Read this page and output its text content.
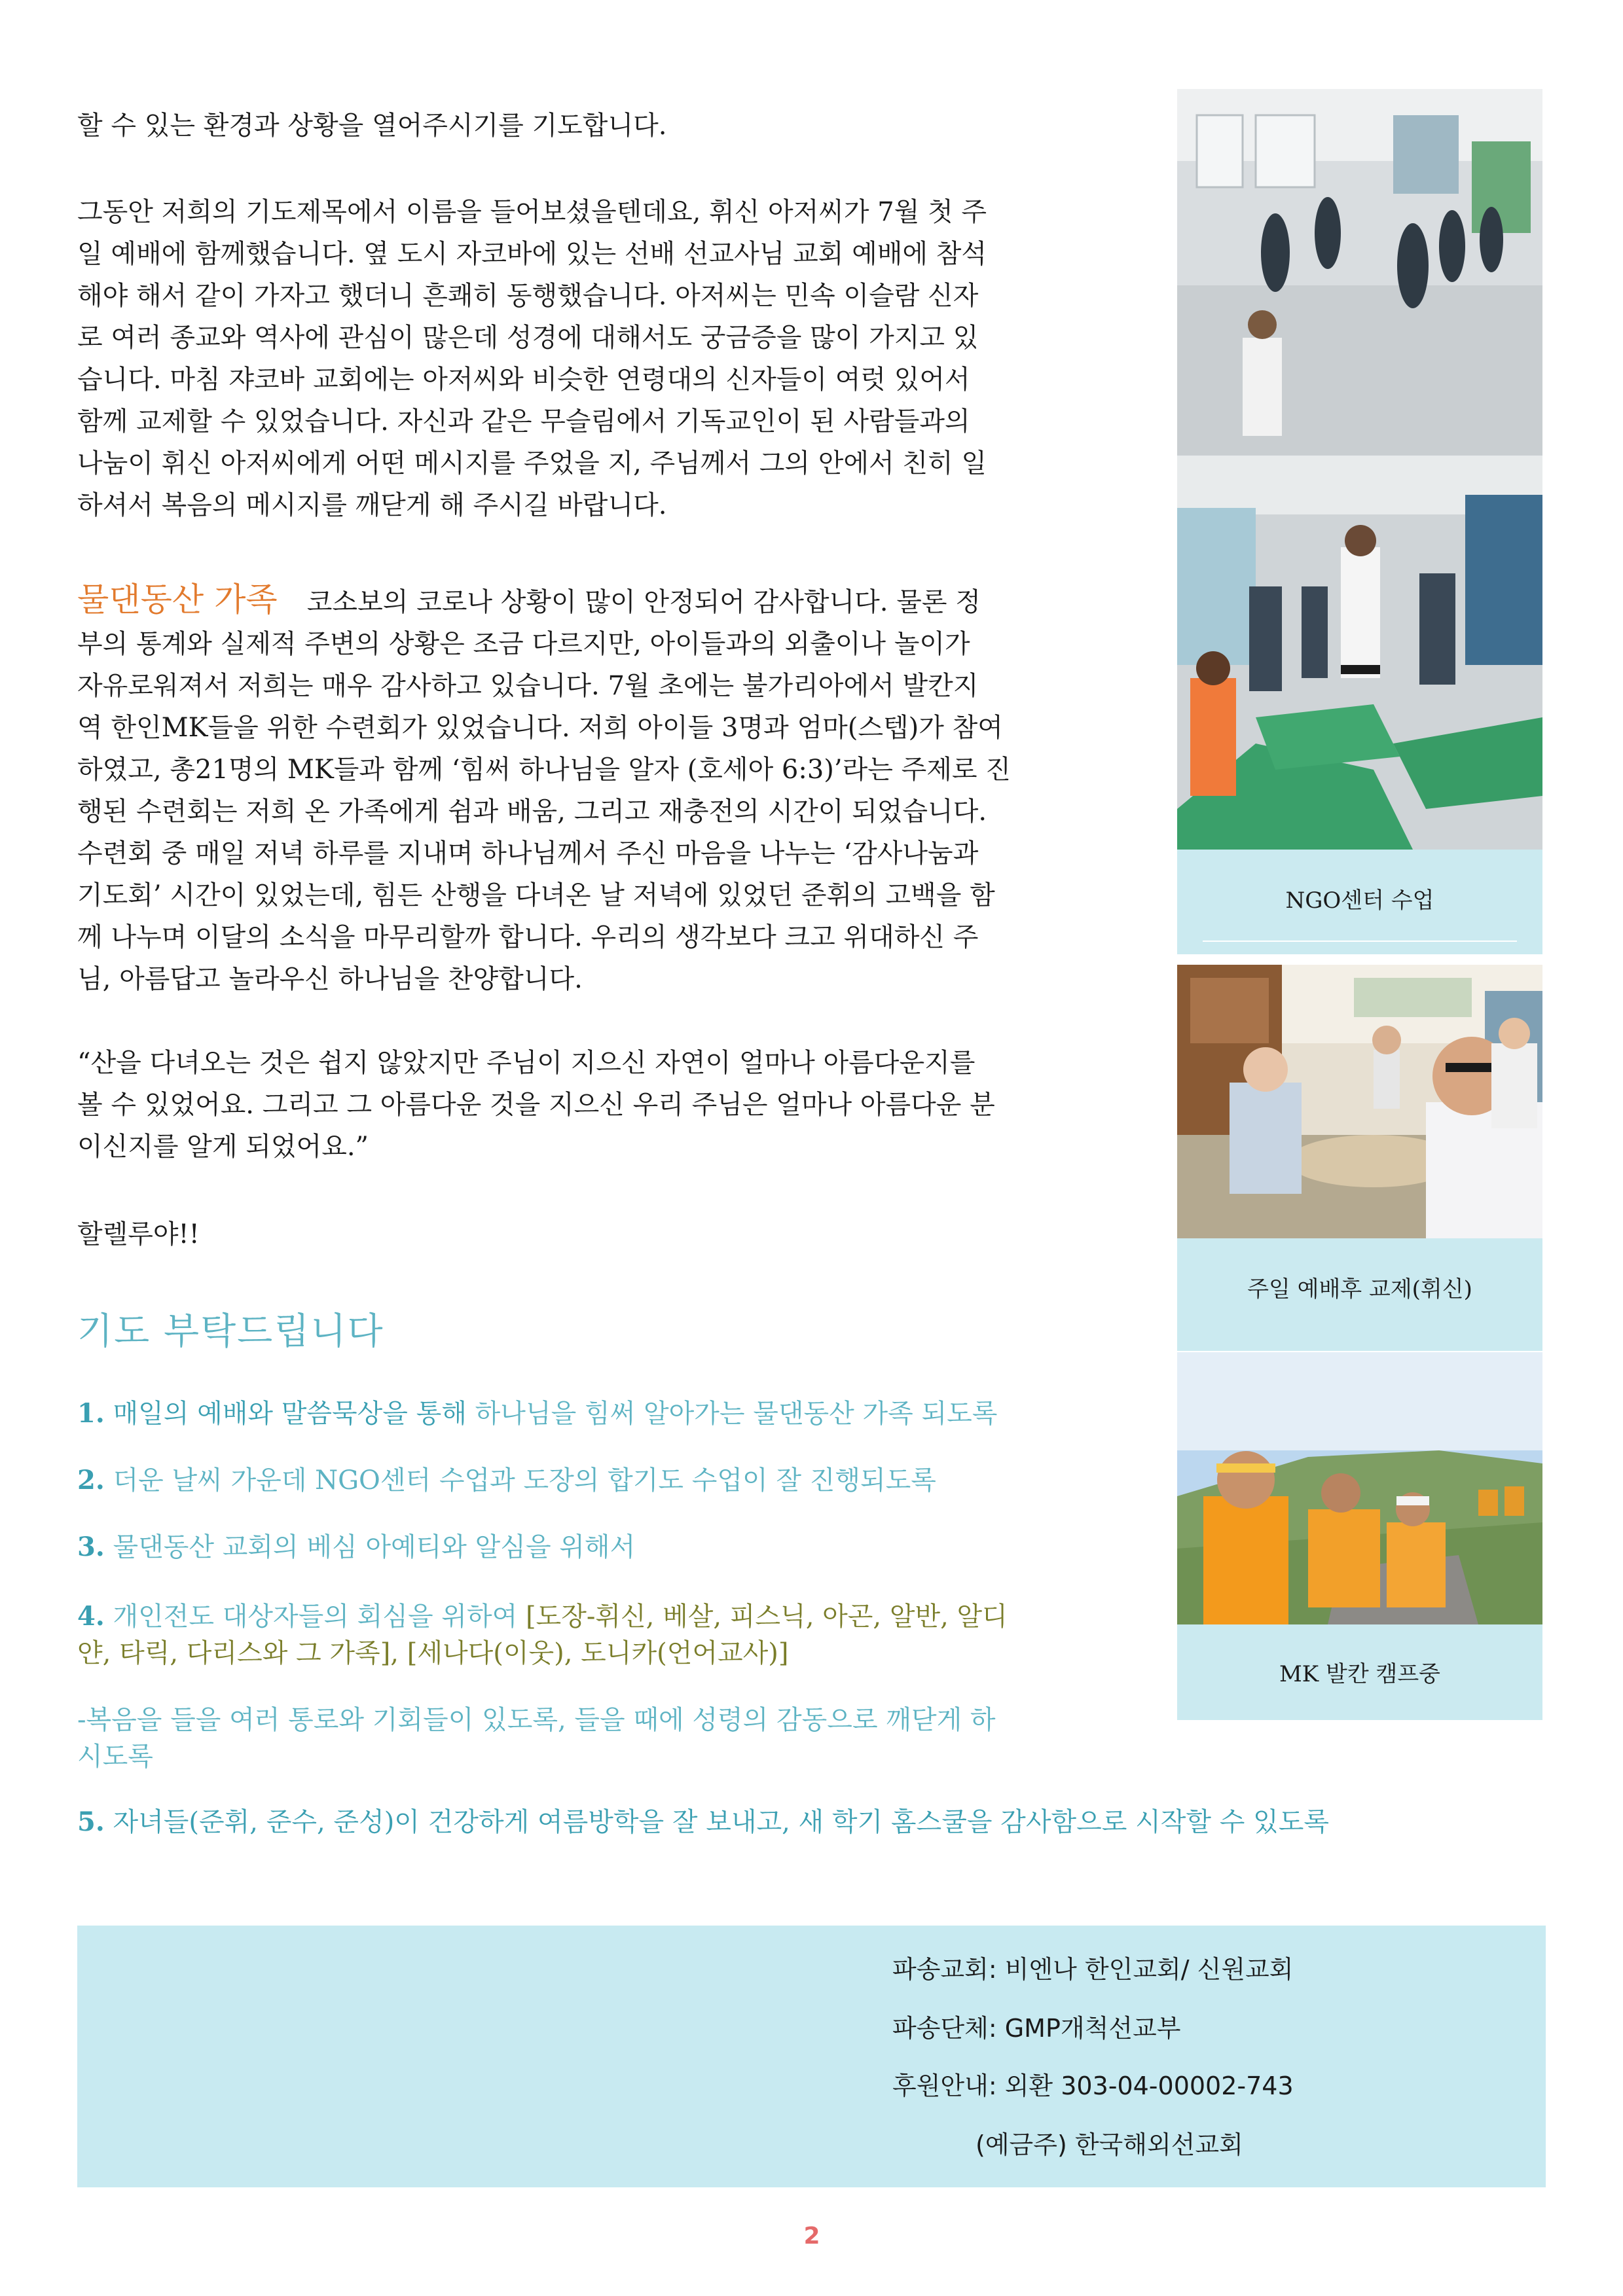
할 수 있는 환경과 상황을 열어주시기를 기도합니다.
그동안 저희의 기도제목에서 이름을 들어보셨을텐데요, 휘신 아저씨가 7월 첫 주
일 예배에 함께했습니다. 옆 도시 자코바에 있는 선배 선교사님 교회 예배에 참석
해야 해서 같이 가자고 했더니 흔쾌히 동행했습니다. 아저씨는 민속 이슬람 신자
로 여러 종교와 역사에 관심이 많은데 성경에 대해서도 궁금증을 많이 가지고 있
습니다. 마침 쟈코바 교회에는 아저씨와 비슷한 연령대의 신자들이 여럿 있어서
함께 교제할 수 있었습니다. 자신과 같은 무슬림에서 기독교인이 된 사람들과의
나눔이 휘신 아저씨에게 어떤 메시지를 주었을 지, 주님께서 그의 안에서 친히 일
하셔서 복음의 메시지를 깨닫게 해 주시길 바랍니다.
물댄동산 가족 코소보의 코로나 상황이 많이 안정되어 감사합니다. 물론 정
부의 통계와 실제적 주변의 상황은 조금 다르지만, 아이들과의 외출이나 놀이가
자유로워져서 저희는 매우 감사하고 있습니다. 7월 초에는 불가리아에서 발칸지
역 한인MK들을 위한 수련회가 있었습니다. 저희 아이들 3명과 엄마(스텝)가 참여
하였고, 총21명의 MK들과 함께 ‘힘써 하나님을 알자 (호세아 6:3)’라는 주제로 진
행된 수련회는 저희 온 가족에게 쉼과 배움, 그리고 재충전의 시간이 되었습니다.
수련회 중 매일 저녁 하루를 지내며 하나님께서 주신 마음을 나누는 ‘감사나눔과
기도회’ 시간이 있었는데, 힘든 산행을 다녀온 날 저녁에 있었던 준휘의 고백을 함
께 나누며 이달의 소식을 마무리할까 합니다. 우리의 생각보다 크고 위대하신 주
님, 아름답고 놀라우신 하나님을 찬양합니다.
“산을 다녀오는 것은 쉽지 않았지만 주님이 지으신 자연이 얼마나 아름다운지를
볼 수 있었어요. 그리고 그 아름다운 것을 지으신 우리 주님은 얼마나 아름다운 분
이신지를 알게 되었어요.”
할렐루야!!
기도 부탁드립니다
1. 매일의 예배와 말씀묵상을 통해 하나님을 힘써 알아가는 물댄동산 가족 되도록
2. 더운 날씨 가운데 NGO센터 수업과 도장의 합기도 수업이 잘 진행되도록
3. 물댄동산 교회의 베심 아예티와 알심을 위해서
4. 개인전도 대상자들의 회심을 위하여 [도장-휘신, 베살, 피스닉, 아곤, 알반, 알디
얀, 타릭, 다리스와 그 가족], [세나다(이웃), 도니카(언어교사)]
-복음을 들을 여러 통로와 기회들이 있도록, 들을 때에 성령의 감동으로 깨닫게 하
시도록
5. 자녀들(준휘, 준수, 준성)이 건강하게 여름방학을 잘 보내고, 새 학기 홈스쿨을 감사함으로 시작할 수 있도록
NGO센터 수업
주일 예배후 교제(휘신)
MK 발칸 캠프중
파송교회: 비엔나 한인교회/ 신원교회
파송단체: GMP개척선교부
후원안내: 외환 303-04-00002-743
(예금주) 한국해외선교회
2
